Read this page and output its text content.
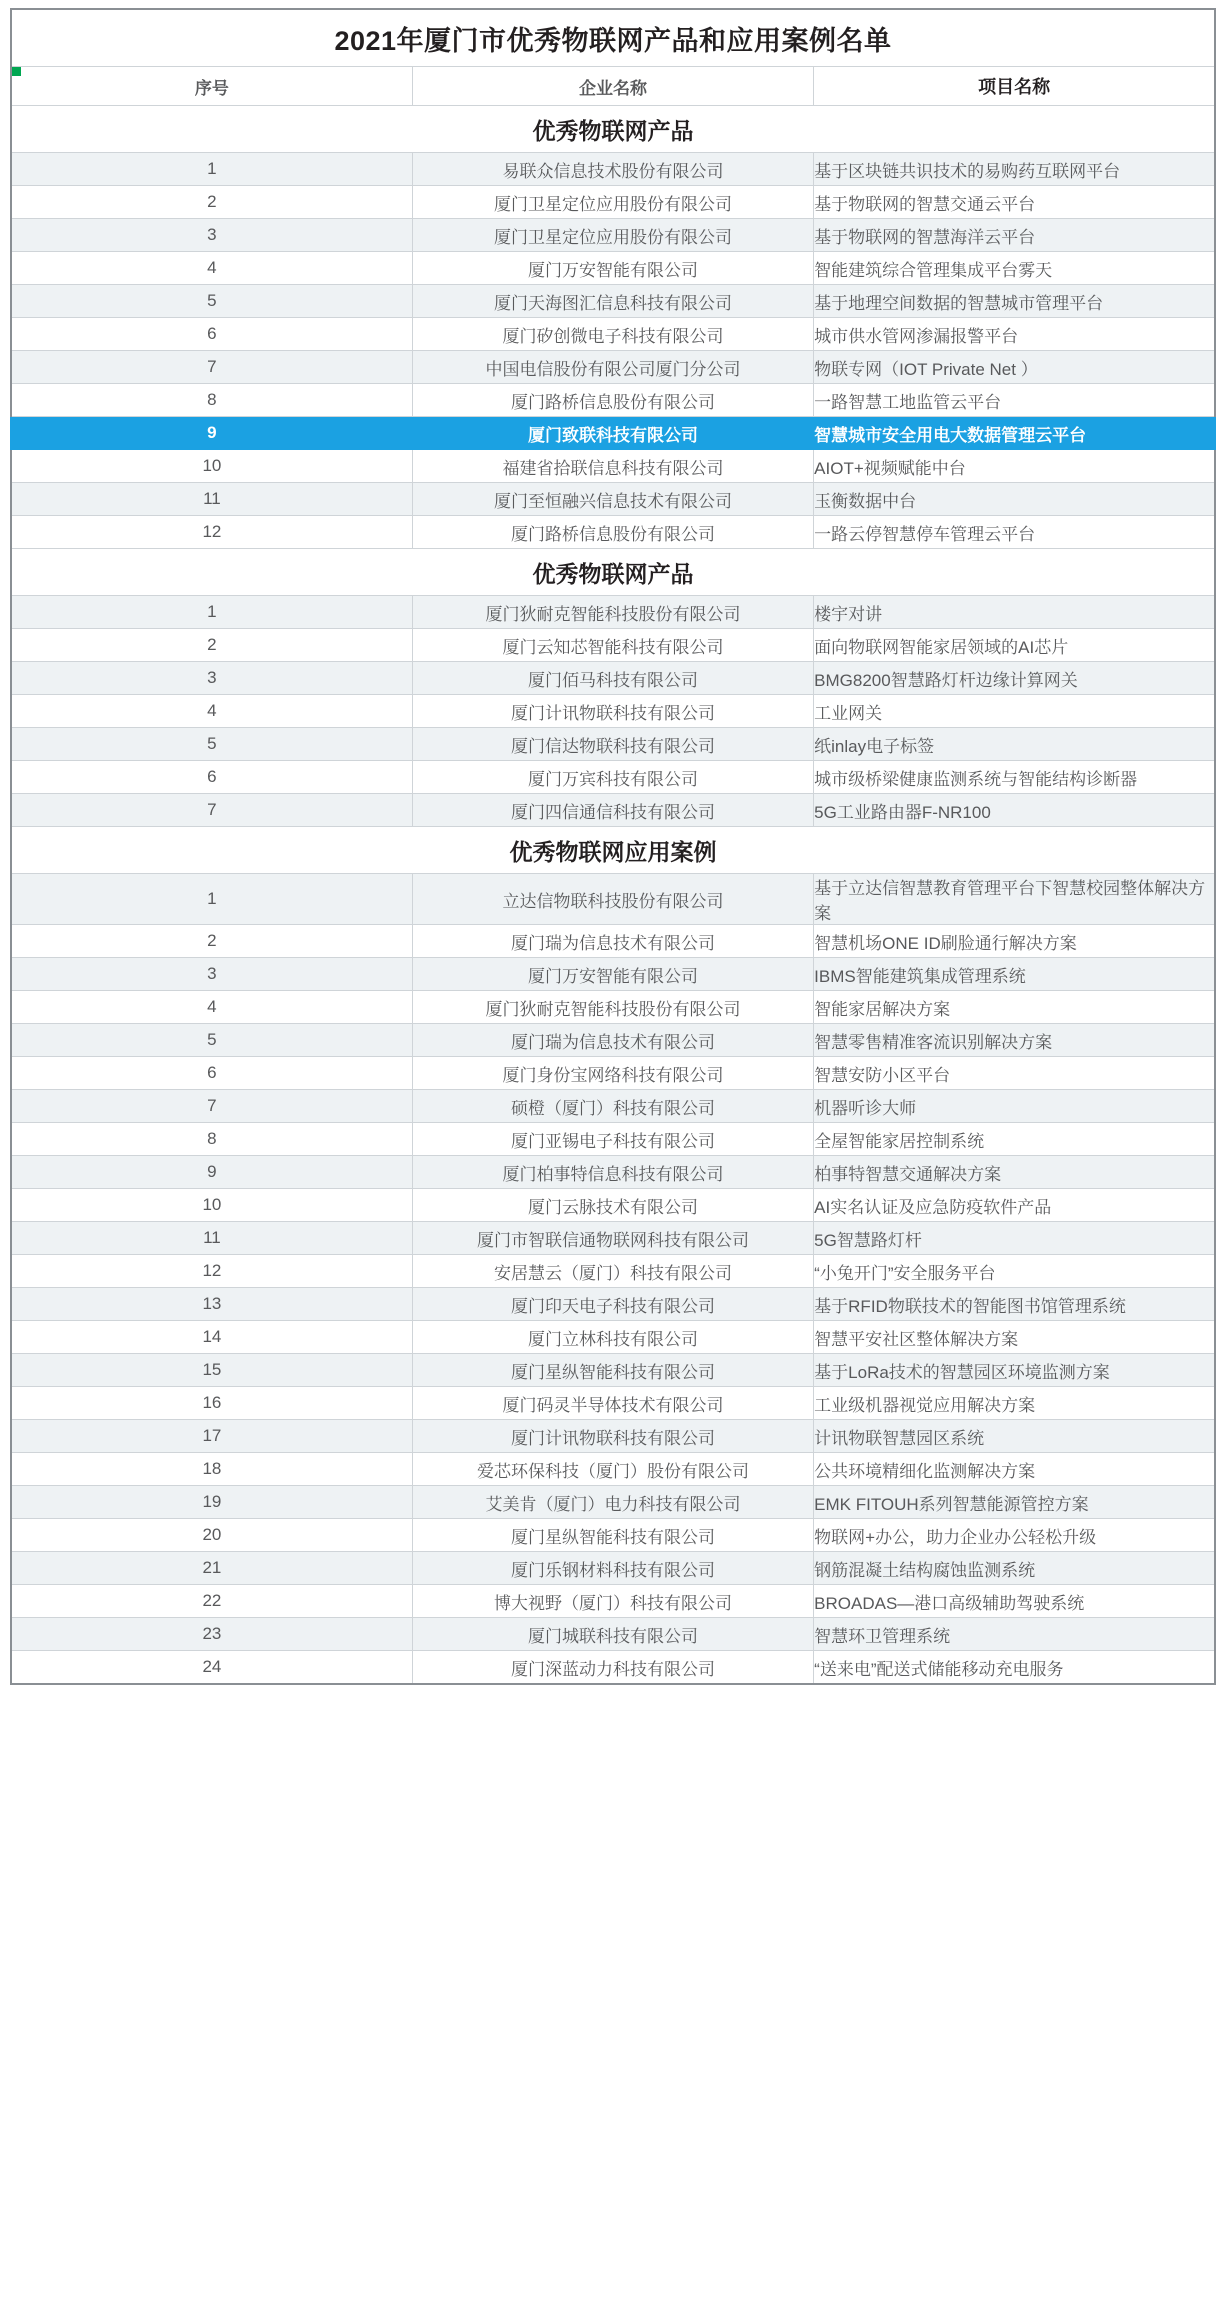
2021年厦门市优秀物联网产品和应用案例名单		
序号	企业名称	项目名称
优秀物联网产品		
1	易联众信息技术股份有限公司	基于区块链共识技术的易购药互联网平台
2	厦门卫星定位应用股份有限公司	基于物联网的智慧交通云平台
3	厦门卫星定位应用股份有限公司	基于物联网的智慧海洋云平台
4	厦门万安智能有限公司	智能建筑综合管理集成平台雾天
5	厦门天海图汇信息科技有限公司	基于地理空间数据的智慧城市管理平台
6	厦门矽创微电子科技有限公司	城市供水管网渗漏报警平台
7	中国电信股份有限公司厦门分公司	物联专网（IOT Private Net ）
8	厦门路桥信息股份有限公司	一路智慧工地监管云平台
9	厦门致联科技有限公司	智慧城市安全用电大数据管理云平台
10	福建省拾联信息科技有限公司	AIOT+视频赋能中台
11	厦门至恒融兴信息技术有限公司	玉衡数据中台
12	厦门路桥信息股份有限公司	一路云停智慧停车管理云平台
优秀物联网产品		
1	厦门狄耐克智能科技股份有限公司	楼宇对讲
2	厦门云知芯智能科技有限公司	面向物联网智能家居领域的AI芯片
3	厦门佰马科技有限公司	BMG8200智慧路灯杆边缘计算网关
4	厦门计讯物联科技有限公司	工业网关
5	厦门信达物联科技有限公司	纸inlay电子标签
6	厦门万宾科技有限公司	城市级桥梁健康监测系统与智能结构诊断器
7	厦门四信通信科技有限公司	5G工业路由器F-NR100
优秀物联网应用案例		
1	立达信物联科技股份有限公司	基于立达信智慧教育管理平台下智慧校园整体解决方案
2	厦门瑞为信息技术有限公司	智慧机场ONE ID刷脸通行解决方案
3	厦门万安智能有限公司	IBMS智能建筑集成管理系统
4	厦门狄耐克智能科技股份有限公司	智能家居解决方案
5	厦门瑞为信息技术有限公司	智慧零售精准客流识别解决方案
6	厦门身份宝网络科技有限公司	智慧安防小区平台
7	硕橙（厦门）科技有限公司	机器听诊大师
8	厦门亚锡电子科技有限公司	全屋智能家居控制系统
9	厦门柏事特信息科技有限公司	柏事特智慧交通解决方案
10	厦门云脉技术有限公司	AI实名认证及应急防疫软件产品
11	厦门市智联信通物联网科技有限公司	5G智慧路灯杆
12	安居慧云（厦门）科技有限公司	“小兔开门”安全服务平台
13	厦门印天电子科技有限公司	基于RFID物联技术的智能图书馆管理系统
14	厦门立林科技有限公司	智慧平安社区整体解决方案
15	厦门星纵智能科技有限公司	基于LoRa技术的智慧园区环境监测方案
16	厦门码灵半导体技术有限公司	工业级机器视觉应用解决方案
17	厦门计讯物联科技有限公司	计讯物联智慧园区系统
18	爱芯环保科技（厦门）股份有限公司	公共环境精细化监测解决方案
19	艾美肯（厦门）电力科技有限公司	EMK FITOUH系列智慧能源管控方案
20	厦门星纵智能科技有限公司	物联网+办公，助力企业办公轻松升级
21	厦门乐钢材料科技有限公司	钢筋混凝土结构腐蚀监测系统
22	博大视野（厦门）科技有限公司	BROADAS—港口高级辅助驾驶系统
23	厦门城联科技有限公司	智慧环卫管理系统
24	厦门深蓝动力科技有限公司	“送来电”配送式储能移动充电服务
